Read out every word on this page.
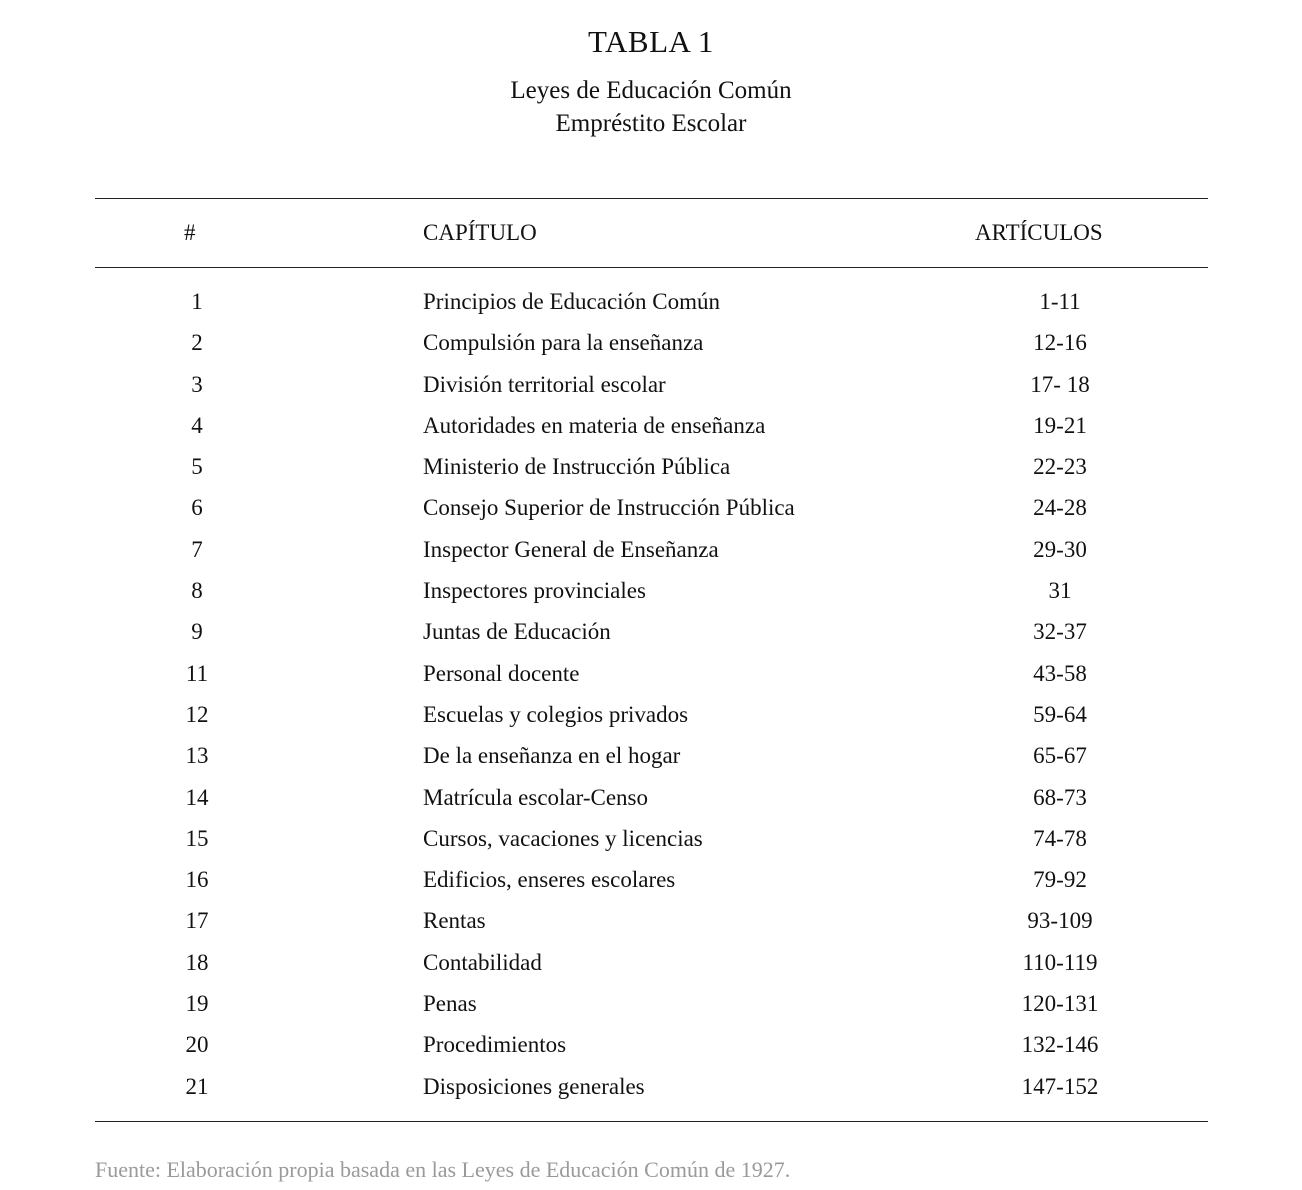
TABLA 1
Leyes de Educación Común
Empréstito Escolar
#	CAPÍTULO	ARTÍCULOS
1	Principios de Educación Común	1-11
2	Compulsión para la enseñanza	12-16
3	División territorial escolar	17- 18
4	Autoridades en materia de enseñanza	19-21
5	Ministerio de Instrucción Pública	22-23
6	Consejo Superior de Instrucción Pública	24-28
7	Inspector General de Enseñanza	29-30
8	Inspectores provinciales	31
9	Juntas de Educación	32-37
11	Personal docente	43-58
12	Escuelas y colegios privados	59-64
13	De la enseñanza en el hogar	65-67
14	Matrícula escolar-Censo	68-73
15	Cursos, vacaciones y licencias	74-78
16	Edificios, enseres escolares	79-92
17	Rentas	93-109
18	Contabilidad	110-119
19	Penas	120-131
20	Procedimientos	132-146
21	Disposiciones generales	147-152
Fuente: Elaboración propia basada en las Leyes de Educación Común de 1927.
